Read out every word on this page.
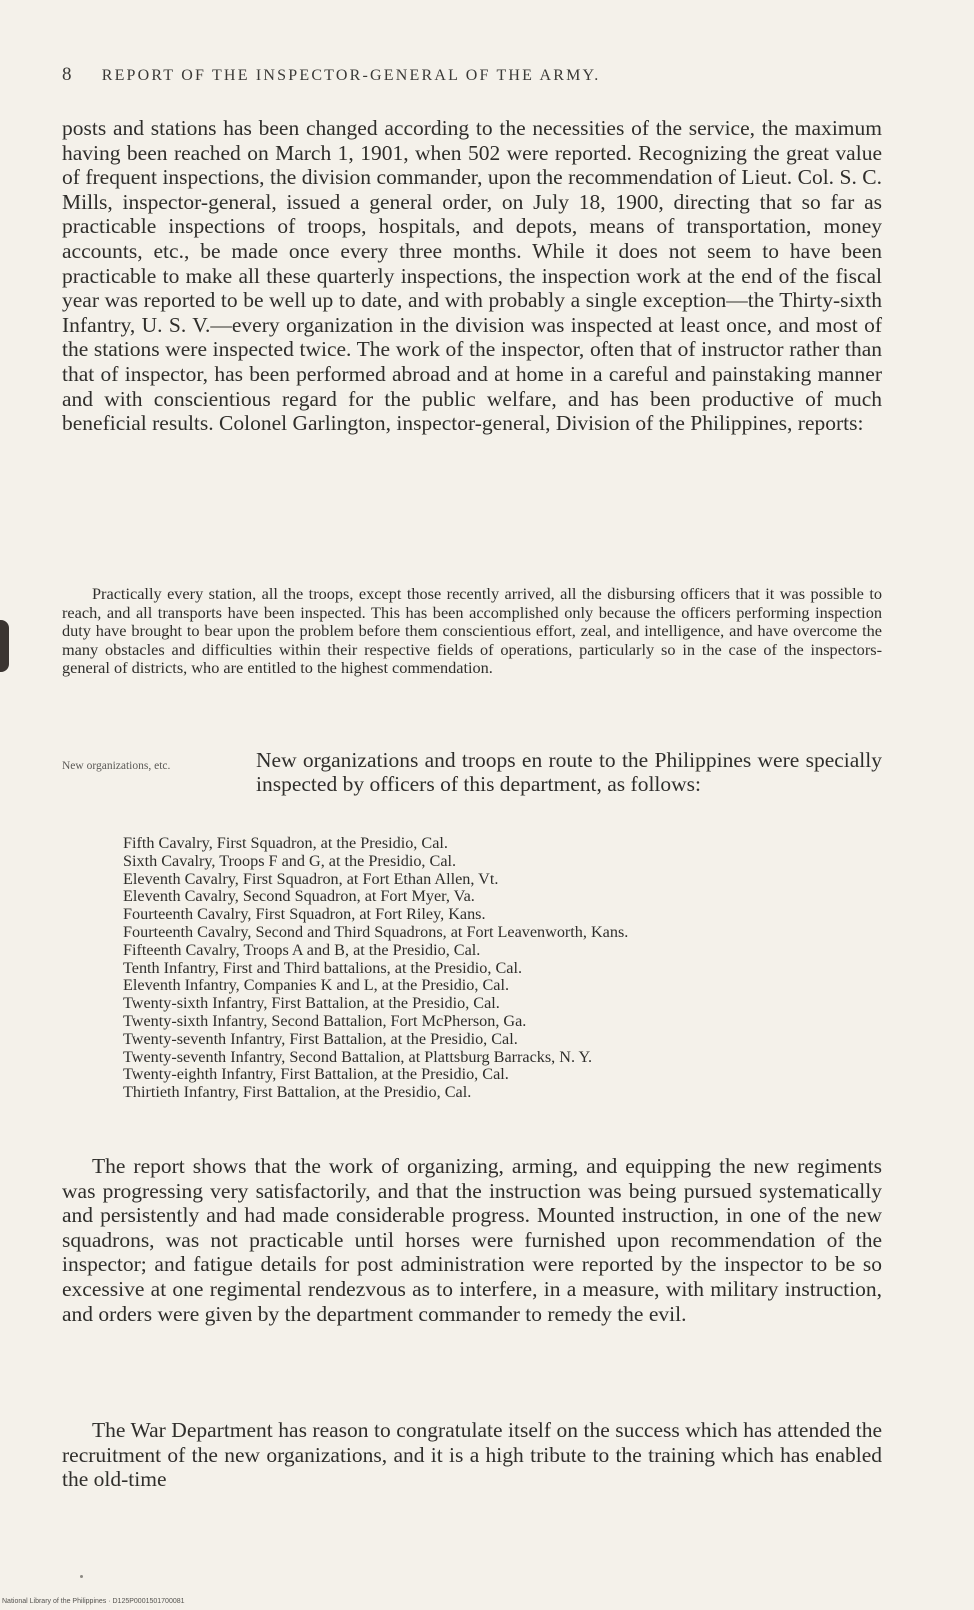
8 REPORT OF THE INSPECTOR-GENERAL OF THE ARMY.
posts and stations has been changed according to the necessities of the service, the maximum having been reached on March 1, 1901, when 502 were reported. Recognizing the great value of frequent inspections, the division commander, upon the recommendation of Lieut. Col. S. C. Mills, inspector-general, issued a general order, on July 18, 1900, directing that so far as practicable inspections of troops, hospitals, and depots, means of transportation, money accounts, etc., be made once every three months. While it does not seem to have been practicable to make all these quarterly inspections, the inspection work at the end of the fiscal year was reported to be well up to date, and with probably a single exception—the Thirty-sixth Infantry, U. S. V.—every organization in the division was inspected at least once, and most of the stations were inspected twice. The work of the inspector, often that of instructor rather than that of inspector, has been performed abroad and at home in a careful and painstaking manner and with conscientious regard for the public welfare, and has been productive of much beneficial results. Colonel Garlington, inspector-general, Division of the Philippines, reports:
Practically every station, all the troops, except those recently arrived, all the disbursing officers that it was possible to reach, and all transports have been inspected. This has been accomplished only because the officers performing inspection duty have brought to bear upon the problem before them conscientious effort, zeal, and intelligence, and have overcome the many obstacles and difficulties within their respective fields of operations, particularly so in the case of the inspectors-general of districts, who are entitled to the highest commendation.
New organizations, etc.	New organizations and troops en route to the Philippines were specially inspected by officers of this department, as follows:
Fifth Cavalry, First Squadron, at the Presidio, Cal.
Sixth Cavalry, Troops F and G, at the Presidio, Cal.
Eleventh Cavalry, First Squadron, at Fort Ethan Allen, Vt.
Eleventh Cavalry, Second Squadron, at Fort Myer, Va.
Fourteenth Cavalry, First Squadron, at Fort Riley, Kans.
Fourteenth Cavalry, Second and Third Squadrons, at Fort Leavenworth, Kans.
Fifteenth Cavalry, Troops A and B, at the Presidio, Cal.
Tenth Infantry, First and Third battalions, at the Presidio, Cal.
Eleventh Infantry, Companies K and L, at the Presidio, Cal.
Twenty-sixth Infantry, First Battalion, at the Presidio, Cal.
Twenty-sixth Infantry, Second Battalion, Fort McPherson, Ga.
Twenty-seventh Infantry, First Battalion, at the Presidio, Cal.
Twenty-seventh Infantry, Second Battalion, at Plattsburg Barracks, N. Y.
Twenty-eighth Infantry, First Battalion, at the Presidio, Cal.
Thirtieth Infantry, First Battalion, at the Presidio, Cal.
The report shows that the work of organizing, arming, and equipping the new regiments was progressing very satisfactorily, and that the instruction was being pursued systematically and persistently and had made considerable progress. Mounted instruction, in one of the new squadrons, was not practicable until horses were furnished upon recommendation of the inspector; and fatigue details for post administration were reported by the inspector to be so excessive at one regimental rendezvous as to interfere, in a measure, with military instruction, and orders were given by the department commander to remedy the evil.
The War Department has reason to congratulate itself on the success which has attended the recruitment of the new organizations, and it is a high tribute to the training which has enabled the old-time
National Library of the Philippines · D125P0001501700081
